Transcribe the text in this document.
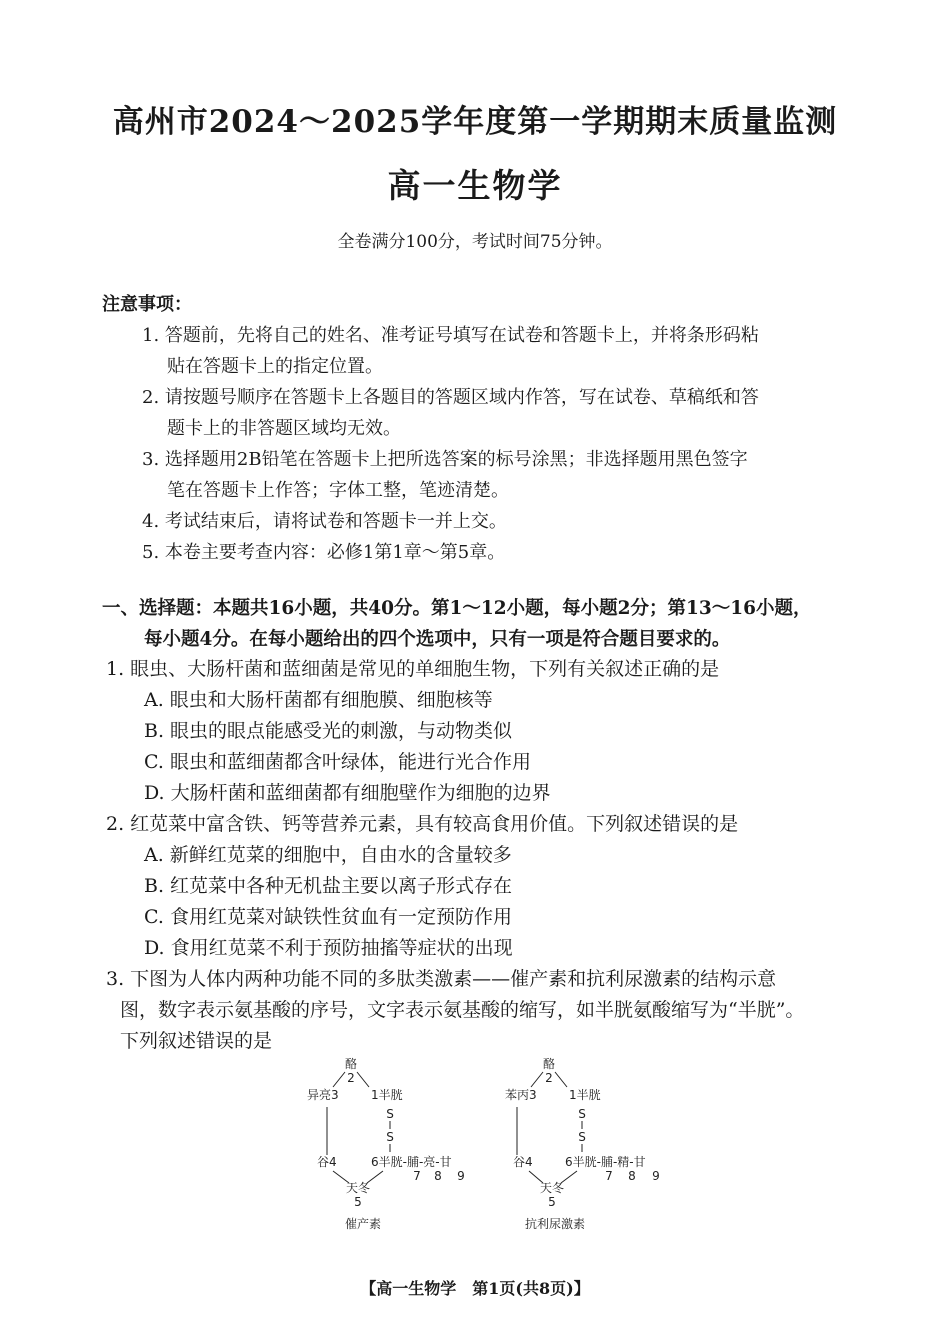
高州市2024～2025学年度第一学期期末质量监测
高一生物学
全卷满分100分，考试时间75分钟。
注意事项：

1. 答题前，先将自己的姓名、准考证号填写在试卷和答题卡上，并将条形码粘
贴在答题卡上的指定位置。

2. 请按题号顺序在答题卡上各题目的答题区域内作答，写在试卷、草稿纸和答
题卡上的非答题区域均无效。

3. 选择题用2B铅笔在答题卡上把所选答案的标号涂黑；非选择题用黑色签字
笔在答题卡上作答；字体工整，笔迹清楚。

4. 考试结束后，请将试卷和答题卡一并上交。

5. 本卷主要考查内容：必修1第1章～第5章。

一、选择题：本题共16小题，共40分。第1～12小题，每小题2分；第13～16小题，
每小题4分。在每小题给出的四个选项中，只有一项是符合题目要求的。

1. 眼虫、大肠杆菌和蓝细菌是常见的单细胞生物，下列有关叙述正确的是
A. 眼虫和大肠杆菌都有细胞膜、细胞核等
B. 眼虫的眼点能感受光的刺激，与动物类似
C. 眼虫和蓝细菌都含叶绿体，能进行光合作用
D. 大肠杆菌和蓝细菌都有细胞壁作为细胞的边界

2. 红苋菜中富含铁、钙等营养元素，具有较高食用价值。下列叙述错误的是
A. 新鲜红苋菜的细胞中，自由水的含量较多
B. 红苋菜中各种无机盐主要以离子形式存在
C. 食用红苋菜对缺铁性贫血有一定预防作用
D. 食用红苋菜不利于预防抽搐等症状的出现

3. 下图为人体内两种功能不同的多肽类激素——催产素和抗利尿激素的结构示意
图，数字表示氨基酸的序号，文字表示氨基酸的缩写，如半胱氨酸缩写为“半胱”。
下列叙述错误的是

酪
2
异亮3	1半胱
S
S
谷4	6半胱-脯-亮-甘
7 8 9
天冬
5
催产素
酪
2
苯丙3	1半胱
S
S
谷4	6半胱-脯-精-甘
7 8 9
天冬
5
抗利尿激素
【高一生物学　第1页(共8页)】
